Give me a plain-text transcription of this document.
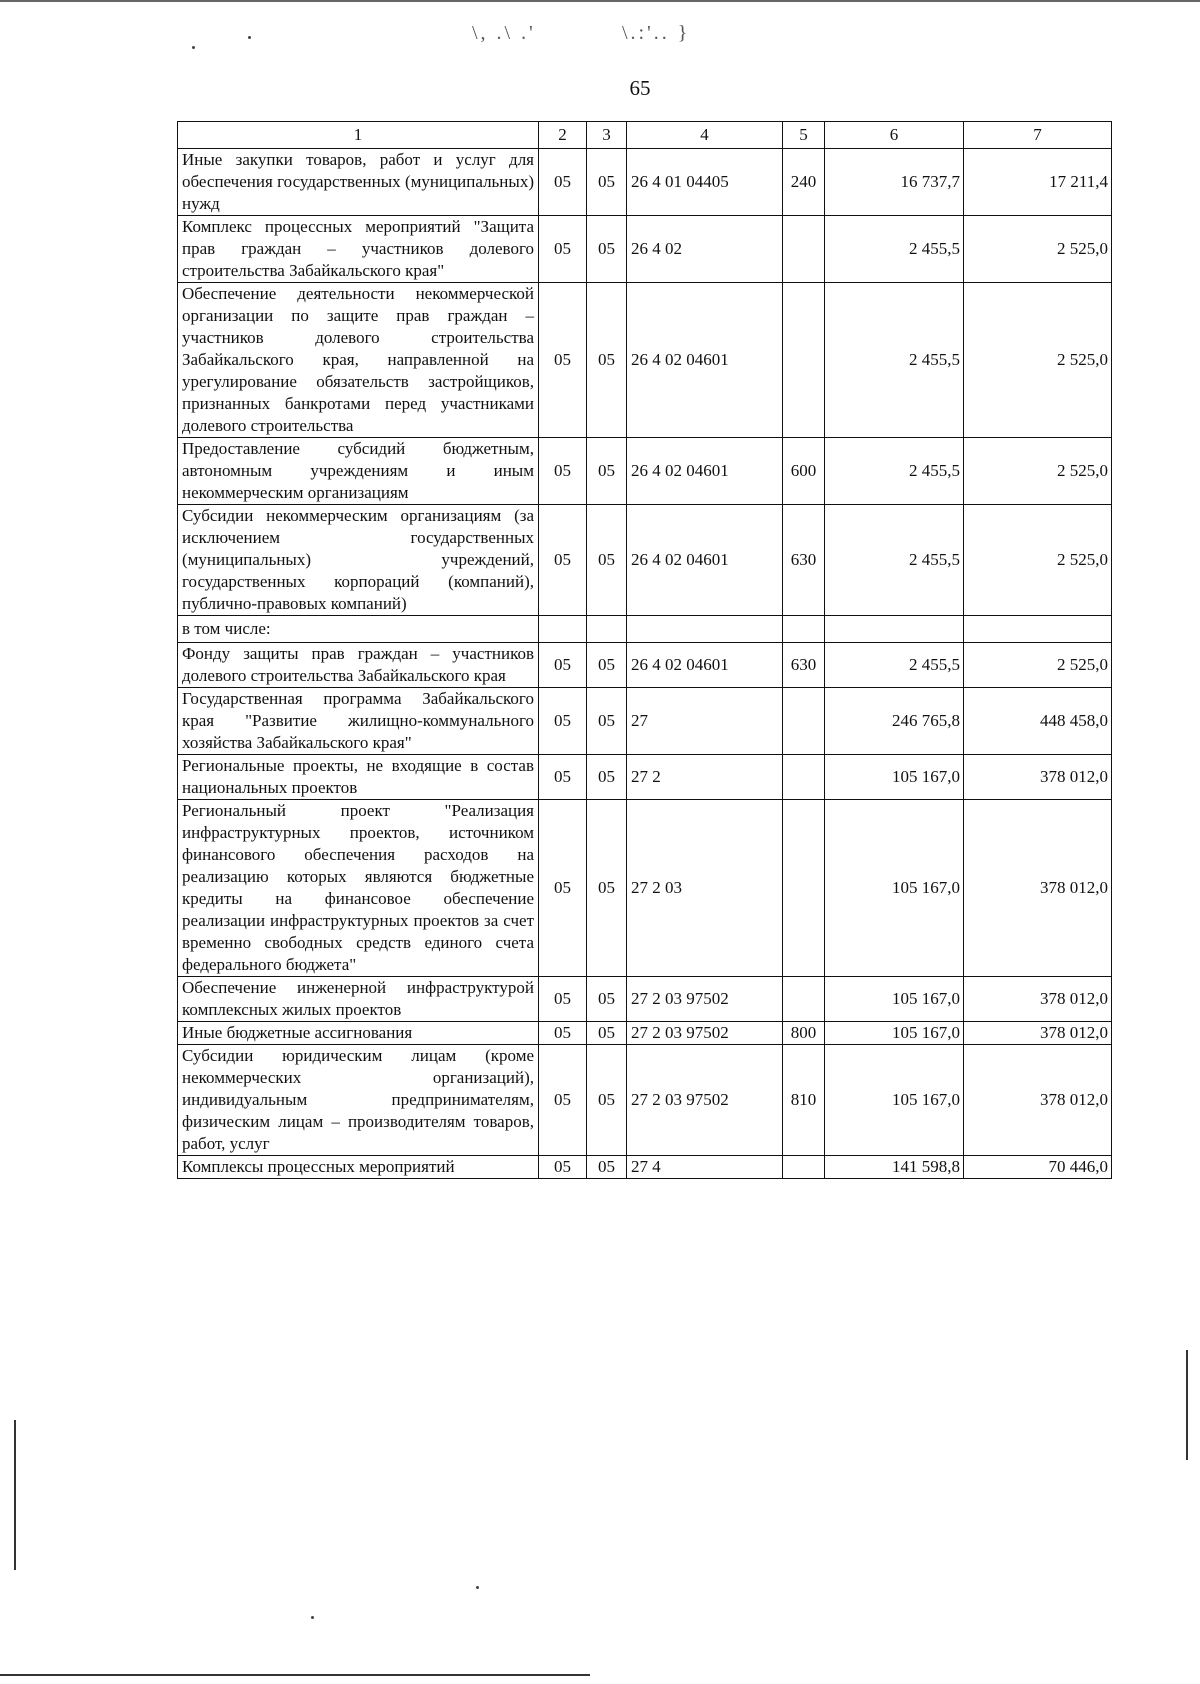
\, .\ .'	\.:'.. }
65
1	2	3	4	5	6	7
Иные закупки товаров, работ и услуг для обеспечения государственных (муниципальных) нужд	05	05	26 4 01 04405	240	16 737,7	17 211,4
Комплекс процессных мероприятий "Защита прав граждан – участников долевого строительства Забайкальского края"	05	05	26 4 02		2 455,5	2 525,0
Обеспечение деятельности некоммерческой организации по защите прав граждан – участников долевого строительства Забайкальского края, направленной на урегулирование обязательств застройщиков, признанных банкротами перед участниками долевого строительства	05	05	26 4 02 04601		2 455,5	2 525,0
Предоставление субсидий бюджетным, автономным учреждениям и иным некоммерческим организациям	05	05	26 4 02 04601	600	2 455,5	2 525,0
Субсидии некоммерческим организациям (за исключением государственных (муниципальных) учреждений, государственных корпораций (компаний), публично-правовых компаний)	05	05	26 4 02 04601	630	2 455,5	2 525,0
в том числе:						
Фонду защиты прав граждан – участников долевого строительства Забайкальского края	05	05	26 4 02 04601	630	2 455,5	2 525,0
Государственная программа Забайкальского края "Развитие жилищно-коммунального хозяйства Забайкальского края"	05	05	27		246 765,8	448 458,0
Региональные проекты, не входящие в состав национальных проектов	05	05	27 2		105 167,0	378 012,0
Региональный проект "Реализация инфраструктурных проектов, источником финансового обеспечения расходов на реализацию которых являются бюджетные кредиты на финансовое обеспечение реализации инфраструктурных проектов за счет временно свободных средств единого счета федерального бюджета"	05	05	27 2 03		105 167,0	378 012,0
Обеспечение инженерной инфраструктурой комплексных жилых проектов	05	05	27 2 03 97502		105 167,0	378 012,0
Иные бюджетные ассигнования	05	05	27 2 03 97502	800	105 167,0	378 012,0
Субсидии юридическим лицам (кроме некоммерческих организаций), индивидуальным предпринимателям, физическим лицам – производителям товаров, работ, услуг	05	05	27 2 03 97502	810	105 167,0	378 012,0
Комплексы процессных мероприятий	05	05	27 4		141 598,8	70 446,0
